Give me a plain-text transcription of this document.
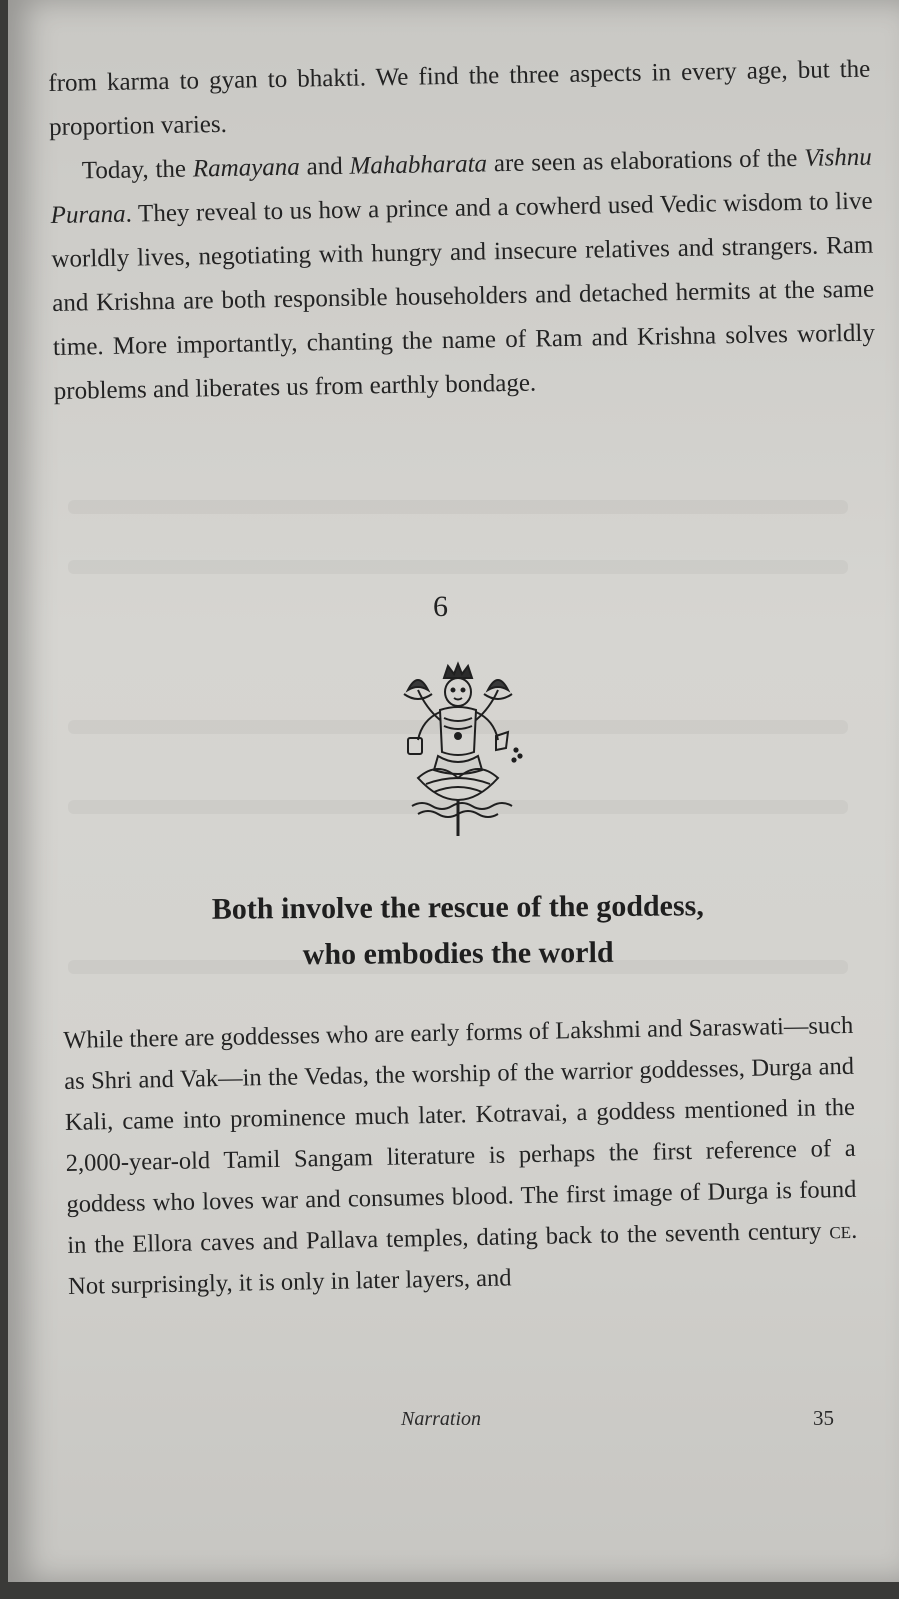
from karma to gyan to bhakti. We find the three aspects in every age, but the proportion varies.

Today, the Ramayana and Mahabharata are seen as elaborations of the Vishnu Purana. They reveal to us how a prince and a cowherd used Vedic wisdom to live worldly lives, negotiating with hungry and insecure relatives and strangers. Ram and Krishna are both responsible householders and detached hermits at the same time. More importantly, chanting the name of Ram and Krishna solves worldly problems and liberates us from earthly bondage.

6
Both involve the rescue of the goddess,
who embodies the world

While there are goddesses who are early forms of Lakshmi and Saraswati—such as Shri and Vak—in the Vedas, the worship of the warrior goddesses, Durga and Kali, came into prominence much later. Kotravai, a goddess mentioned in the 2,000-year-old Tamil Sangam literature is perhaps the first reference of a goddess who loves war and consumes blood. The first image of Durga is found in the Ellora caves and Pallava temples, dating back to the seventh century ce. Not surprisingly, it is only in later layers, and

Narration	35
